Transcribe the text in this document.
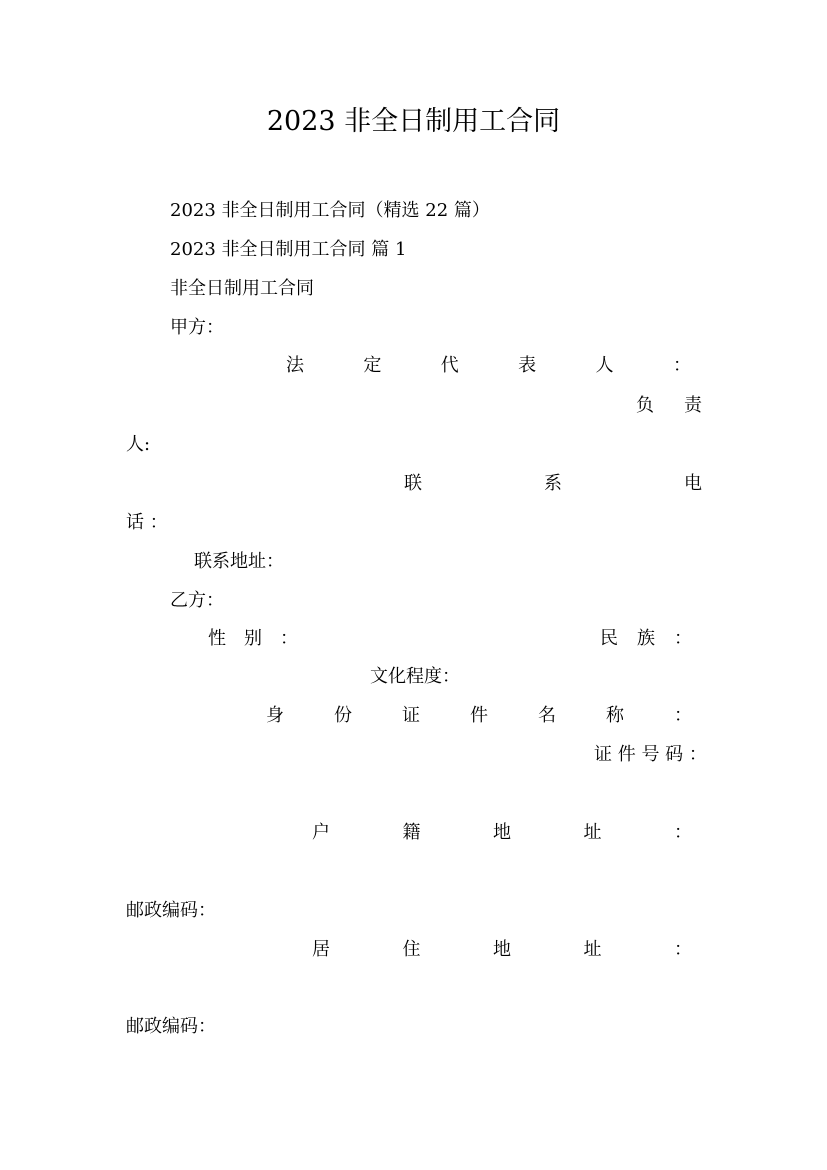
2023 非全日制用工合同
2023 非全日制用工合同（精选 22 篇）
2023 非全日制用工合同 篇 1
非全日制用工合同
甲方：
法	定	代	表	人	：
负 责
人:
联	系	电
话 ：
联系地址：
乙方：
性 别 ：	民 族 ：
文化程度：
身	份	证	件	名	称	：
证 件 号 码 ：
户	籍	地	址	：
邮政编码：
居	住	地	址	：
邮政编码：
